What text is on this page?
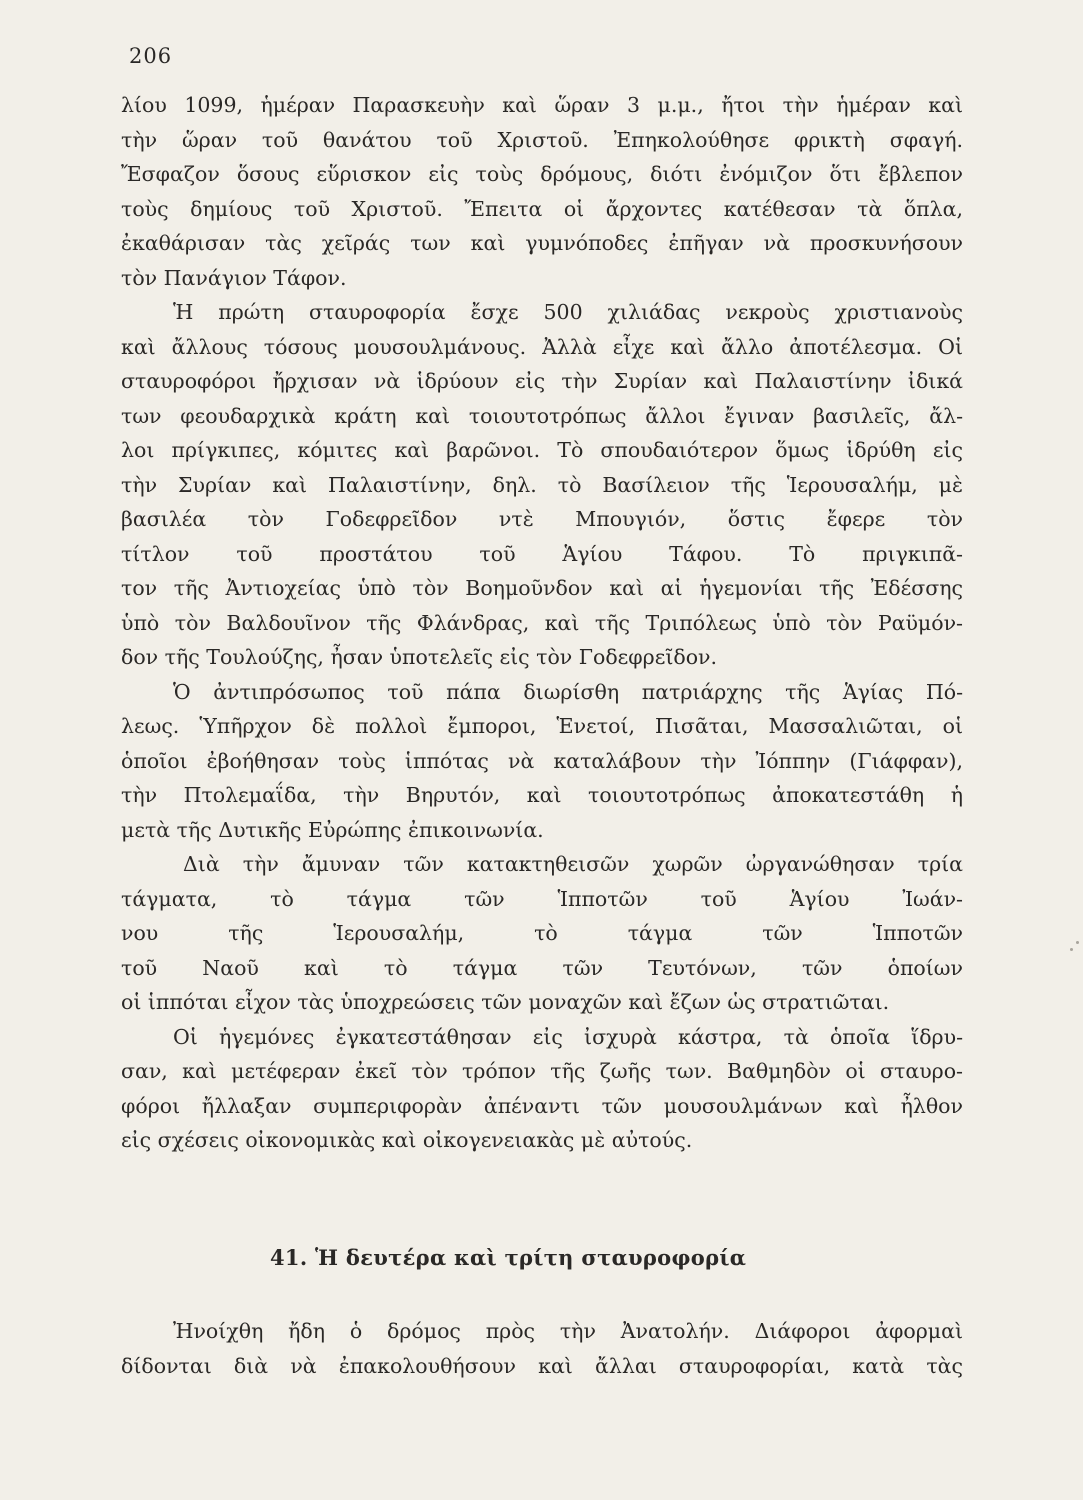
206
λίου 1099, ἡμέραν Παρασκευὴν καὶ ὥραν 3 μ.μ., ἤτοι τὴν ἡμέραν καὶ
τὴν ὥραν τοῦ θανάτου τοῦ Χριστοῦ. Ἐπηκολούθησε φρικτὴ σφαγή.
Ἔσφαζον ὅσους εὕρισκον εἰς τοὺς δρόμους, διότι ἐνόμιζον ὅτι ἔβλεπον
τοὺς δημίους τοῦ Χριστοῦ. Ἔπειτα οἱ ἄρχοντες κατέθεσαν τὰ ὅπλα,
ἐκαθάρισαν τὰς χεῖράς των καὶ γυμνόποδες ἐπῆγαν νὰ προσκυνήσουν
τὸν Πανάγιον Τάφον.
Ἡ πρώτη σταυροφορία ἔσχε 500 χιλιάδας νεκροὺς χριστιανοὺς
καὶ ἄλλους τόσους μουσουλμάνους. Ἀλλὰ εἶχε καὶ ἄλλο ἀποτέλεσμα. Οἱ
σταυροφόροι ἤρχισαν νὰ ἱδρύουν εἰς τὴν Συρίαν καὶ Παλαιστίνην ἰδικά
των φεουδαρχικὰ κράτη καὶ τοιουτοτρόπως ἄλλοι ἔγιναν βασιλεῖς, ἄλ-
λοι πρίγκιπες, κόμιτες καὶ βαρῶνοι. Τὸ σπουδαιότερον ὅμως ἱδρύθη εἰς
τὴν Συρίαν καὶ Παλαιστίνην, δηλ. τὸ Βασίλειον τῆς Ἱερουσαλήμ, μὲ
βασιλέα τὸν Γοδεφρεῖδον ντὲ Μπουγιόν, ὅστις ἔφερε τὸν
τίτλον τοῦ προστάτου τοῦ Ἁγίου Τάφου. Τὸ πριγκιπᾶ-
τον τῆς Ἀντιοχείας ὑπὸ τὸν Βοημοῦνδον καὶ αἱ ἡγεμονίαι τῆς Ἐδέσσης
ὑπὸ τὸν Βαλδουῖνον τῆς Φλάνδρας, καὶ τῆς Τριπόλεως ὑπὸ τὸν Ραϋμόν-
δον τῆς Τουλούζης, ἦσαν ὑποτελεῖς εἰς τὸν Γοδεφρεῖδον.
Ὁ ἀντιπρόσωπος τοῦ πάπα διωρίσθη πατριάρχης τῆς Ἁγίας Πό-
λεως. Ὑπῆρχον δὲ πολλοὶ ἔμποροι, Ἑνετοί, Πισᾶται, Μασσαλιῶται, οἱ
ὁποῖοι ἐβοήθησαν τοὺς ἱππότας νὰ καταλάβουν τὴν Ἰόππην (Γιάφφαν),
τὴν Πτολεμαΐδα, τὴν Βηρυτόν, καὶ τοιουτοτρόπως ἀποκατεστάθη ἡ
μετὰ τῆς Δυτικῆς Εὐρώπης ἐπικοινωνία.
Διὰ τὴν ἄμυναν τῶν κατακτηθεισῶν χωρῶν ὠργανώθησαν τρία
τάγματα, τὸ τάγμα τῶν Ἱπποτῶν τοῦ Ἁγίου Ἰωάν-
νου τῆς Ἱερουσαλήμ, τὸ τάγμα τῶν Ἱπποτῶν
τοῦ Ναοῦ καὶ τὸ τάγμα τῶν Τευτόνων, τῶν ὁποίων
οἱ ἱππόται εἶχον τὰς ὑποχρεώσεις τῶν μοναχῶν καὶ ἔζων ὡς στρατιῶται.
Οἱ ἡγεμόνες ἐγκατεστάθησαν εἰς ἰσχυρὰ κάστρα, τὰ ὁποῖα ἵδρυ-
σαν, καὶ μετέφεραν ἐκεῖ τὸν τρόπον τῆς ζωῆς των. Βαθμηδὸν οἱ σταυρο-
φόροι ἤλλαξαν συμπεριφορὰν ἀπέναντι τῶν μουσουλμάνων καὶ ἦλθον
εἰς σχέσεις οἰκονομικὰς καὶ οἰκογενειακὰς μὲ αὐτούς.
41. Ἡ δευτέρα καὶ τρίτη σταυροφορία
Ἠνοίχθη ἤδη ὁ δρόμος πρὸς τὴν Ἀνατολήν. Διάφοροι ἀφορμαὶ
δίδονται διὰ νὰ ἐπακολουθήσουν καὶ ἄλλαι σταυροφορίαι, κατὰ τὰς
